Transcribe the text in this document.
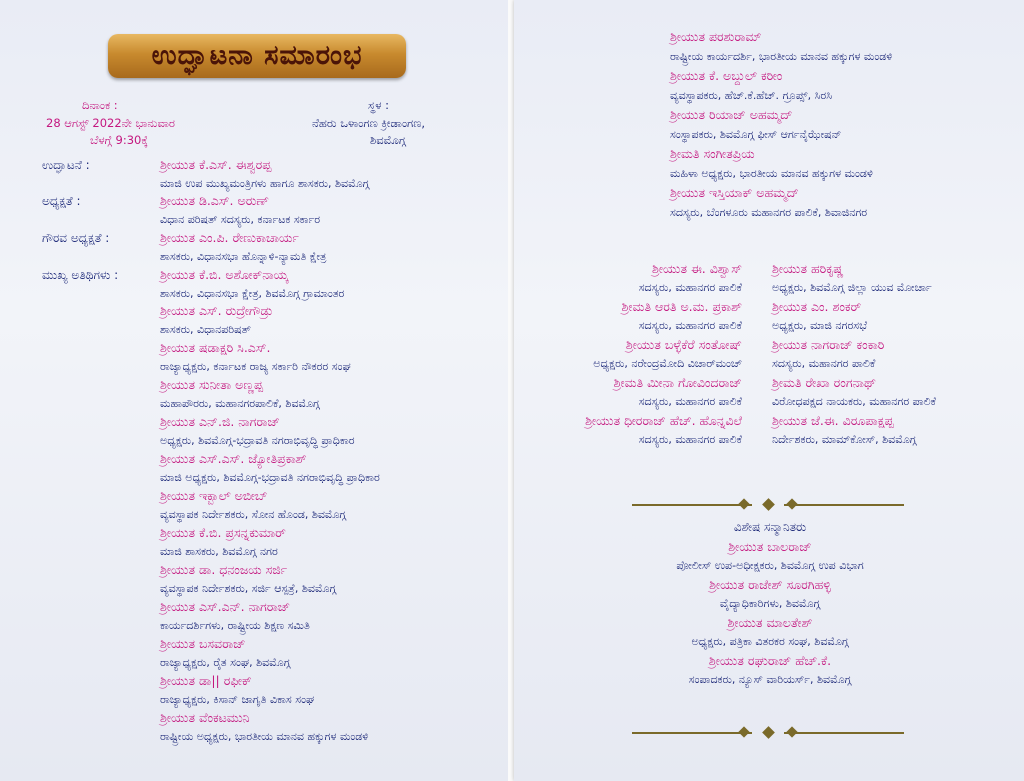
ಉದ್ಘಾಟನಾ ಸಮಾರಂಭ
ದಿನಾಂಕ :
28 ಆಗಸ್ಟ್ 2022ನೇ ಭಾನುವಾರ
ಬೆಳಗ್ಗೆ 9:30ಕ್ಕೆ
ಸ್ಥಳ :
ನೆಹರು ಒಳಾಂಗಣ ಕ್ರೀಡಾಂಗಣ,
ಶಿವಮೊಗ್ಗ
ಉದ್ಘಾಟನೆ :
ಅಧ್ಯಕ್ಷತೆ :
ಗೌರವ ಅಧ್ಯಕ್ಷತೆ :
ಮುಖ್ಯ ಅತಿಥಿಗಳು :
ಶ್ರೀಯುತ ಕೆ.ಎಸ್. ಈಶ್ವರಪ್ಪ
ಮಾಜಿ ಉಪ ಮುಖ್ಯಮಂತ್ರಿಗಳು ಹಾಗೂ ಶಾಸಕರು, ಶಿವಮೊಗ್ಗ
ಶ್ರೀಯುತ ಡಿ.ಎಸ್. ಅರುಣ್
ವಿಧಾನ ಪರಿಷತ್ ಸದಸ್ಯರು, ಕರ್ನಾಟಕ ಸರ್ಕಾರ
ಶ್ರೀಯುತ ಎಂ.ಪಿ. ರೇಣುಕಾಚಾರ್ಯ
ಶಾಸಕರು, ವಿಧಾನಸಭಾ ಹೊನ್ನಾಳಿ-ನ್ಯಾಮತಿ ಕ್ಷೇತ್ರ
ಶ್ರೀಯುತ ಕೆ.ಬಿ. ಅಶೋಕ್‌ನಾಯ್ಕ
ಶಾಸಕರು, ವಿಧಾನಸಭಾ ಕ್ಷೇತ್ರ, ಶಿವಮೊಗ್ಗ ಗ್ರಾಮಾಂತರ
ಶ್ರೀಯುತ ಎಸ್. ರುದ್ರೇಗೌಡ್ರು
ಶಾಸಕರು, ವಿಧಾನಪರಿಷತ್
ಶ್ರೀಯುತ ಷಡಾಕ್ಷರಿ ಸಿ.ಎಸ್.
ರಾಜ್ಯಾಧ್ಯಕ್ಷರು, ಕರ್ನಾಟಕ ರಾಜ್ಯ ಸರ್ಕಾರಿ ನೌಕರರ ಸಂಘ
ಶ್ರೀಯುತ ಸುನೀತಾ ಅಣ್ಣಪ್ಪ
ಮಹಾಪೌರರು, ಮಹಾನಗರಪಾಲಿಕೆ, ಶಿವಮೊಗ್ಗ
ಶ್ರೀಯುತ ಎನ್.ಜಿ. ನಾಗರಾಜ್
ಅಧ್ಯಕ್ಷರು, ಶಿವಮೊಗ್ಗ-ಭದ್ರಾವತಿ ನಗರಾಭಿವೃದ್ಧಿ ಪ್ರಾಧಿಕಾರ
ಶ್ರೀಯುತ ಎಸ್.ಎಸ್. ಜ್ಯೋತಿಪ್ರಕಾಶ್
ಮಾಜಿ ಅಧ್ಯಕ್ಷರು, ಶಿವಮೊಗ್ಗ-ಭದ್ರಾವತಿ ನಗರಾಭಿವೃದ್ಧಿ ಪ್ರಾಧಿಕಾರ
ಶ್ರೀಯುತ ಇಕ್ಬಾಲ್ ಅಬೀಬ್
ವ್ಯವಸ್ಥಾಪಕ ನಿರ್ದೇಶಕರು, ಸೋನ ಹೊಂಡ, ಶಿವಮೊಗ್ಗ
ಶ್ರೀಯುತ ಕೆ.ಬಿ. ಪ್ರಸನ್ನಕುಮಾರ್
ಮಾಜಿ ಶಾಸಕರು, ಶಿವಮೊಗ್ಗ ನಗರ
ಶ್ರೀಯುತ ಡಾ. ಧನಂಜಯ ಸರ್ಜಿ
ವ್ಯವಸ್ಥಾಪಕ ನಿರ್ದೇಶಕರು, ಸರ್ಜಿ ಆಸ್ಪತ್ರೆ, ಶಿವಮೊಗ್ಗ
ಶ್ರೀಯುತ ಎಸ್.ಎನ್. ನಾಗರಾಜ್
ಕಾರ್ಯದರ್ಶಿಗಳು, ರಾಷ್ಟ್ರೀಯ ಶಿಕ್ಷಣ ಸಮಿತಿ
ಶ್ರೀಯುತ ಬಸವರಾಜ್
ರಾಜ್ಯಾಧ್ಯಕ್ಷರು, ರೈತ ಸಂಘ, ಶಿವಮೊಗ್ಗ
ಶ್ರೀಯುತ ಡಾ|| ರಫೀಕ್
ರಾಜ್ಯಾಧ್ಯಕ್ಷರು, ಕಿಸಾನ್ ಜಾಗೃತಿ ವಿಕಾಸ ಸಂಘ
ಶ್ರೀಯುತ ವೆಂಕಟಮುನಿ
ರಾಷ್ಟ್ರೀಯ ಅಧ್ಯಕ್ಷರು, ಭಾರತೀಯ ಮಾನವ ಹಕ್ಕುಗಳ ಮಂಡಳಿ
ಶ್ರೀಯುತ ಪರಶುರಾಮ್
ರಾಷ್ಟ್ರೀಯ ಕಾರ್ಯದರ್ಶಿ, ಭಾರತೀಯ ಮಾನವ ಹಕ್ಕುಗಳ ಮಂಡಳಿ
ಶ್ರೀಯುತ ಕೆ. ಅಬ್ದುಲ್ ಕರೀಂ
ವ್ಯವಸ್ಥಾಪಕರು, ಹೆಚ್.ಕೆ.ಹೆಚ್. ಗ್ರೂಪ್ಸ್, ಸಿರಸಿ
ಶ್ರೀಯುತ ರಿಯಾಜ್ ಅಹಮ್ಮದ್
ಸಂಸ್ಥಾಪಕರು, ಶಿವಮೊಗ್ಗ ಫೀಸ್ ಆರ್ಗನೈಝೇಷನ್
ಶ್ರೀಮತಿ ಸಂಗೀತಪ್ರಿಯ
ಮಹಿಳಾ ಅಧ್ಯಕ್ಷರು, ಭಾರತೀಯ ಮಾನವ ಹಕ್ಕುಗಳ ಮಂಡಳಿ
ಶ್ರೀಯುತ ಇಸ್ತಿಯಾಕ್ ಅಹಮ್ಮದ್
ಸದಸ್ಯರು, ಬೆಂಗಳೂರು ಮಹಾನಗರ ಪಾಲಿಕೆ, ಶಿವಾಜಿನಗರ
ಶ್ರೀಯುತ ಈ. ವಿಶ್ವಾಸ್
ಸದಸ್ಯರು, ಮಹಾನಗರ ಪಾಲಿಕೆ
ಶ್ರೀಮತಿ ಆರತಿ ಅ.ಮ. ಪ್ರಕಾಶ್
ಸದಸ್ಯರು, ಮಹಾನಗರ ಪಾಲಿಕೆ
ಶ್ರೀಯುತ ಬಳ್ಳೆಕೆರೆ ಸಂತೋಷ್
ಅಧ್ಯಕ್ಷರು, ನರೇಂದ್ರಮೋದಿ ವಿಚಾರ್‌ಮಂಚ್
ಶ್ರೀಮತಿ ಮೀನಾ ಗೋವಿಂದರಾಜ್
ಸದಸ್ಯರು, ಮಹಾನಗರ ಪಾಲಿಕೆ
ಶ್ರೀಯುತ ಧೀರರಾಜ್ ಹೆಚ್. ಹೊನ್ನವಿಲೆ
ಸದಸ್ಯರು, ಮಹಾನಗರ ಪಾಲಿಕೆ
ಶ್ರೀಯುತ ಹರಿಕೃಷ್ಣ
ಅಧ್ಯಕ್ಷರು, ಶಿವಮೊಗ್ಗ ಜಿಲ್ಲಾ ಯುವ ಮೋರ್ಚಾ
ಶ್ರೀಯುತ ಎಂ. ಶಂಕರ್
ಅಧ್ಯಕ್ಷರು, ಮಾಜಿ ನಗರಸಭೆ
ಶ್ರೀಯುತ ನಾಗರಾಜ್ ಕಂಕಾರಿ
ಸದಸ್ಯರು, ಮಹಾನಗರ ಪಾಲಿಕೆ
ಶ್ರೀಮತಿ ರೇಖಾ ರಂಗನಾಥ್
ವಿರೋಧಪಕ್ಷದ ನಾಯಕರು, ಮಹಾನಗರ ಪಾಲಿಕೆ
ಶ್ರೀಯುತ ಜೆ.ಈ. ವಿರೂಪಾಕ್ಷಪ್ಪ
ನಿರ್ದೇಶಕರು, ಮಾಮ್‌ಕೋಸ್, ಶಿವಮೊಗ್ಗ
ವಿಶೇಷ ಸನ್ಮಾನಿತರು
ಶ್ರೀಯುತ ಬಾಲರಾಜ್
ಪೋಲೀಸ್ ಉಪ-ಅಧೀಕ್ಷಕರು, ಶಿವಮೊಗ್ಗ ಉಪ ವಿಭಾಗ
ಶ್ರೀಯುತ ರಾಜೇಶ್ ಸೂರಗಿಹಳ್ಳಿ
ವೈದ್ಯಾಧಿಕಾರಿಗಳು, ಶಿವಮೊಗ್ಗ
ಶ್ರೀಯುತ ಮಾಲತೇಶ್
ಅಧ್ಯಕ್ಷರು, ಪತ್ರಿಕಾ ವಿತರಕರ ಸಂಘ, ಶಿವಮೊಗ್ಗ
ಶ್ರೀಯುತ ರಘುರಾಜ್ ಹೆಚ್.ಕೆ.
ಸಂಪಾದಕರು, ನ್ಯೂಸ್ ವಾರಿಯರ್ಸ್, ಶಿವಮೊಗ್ಗ
